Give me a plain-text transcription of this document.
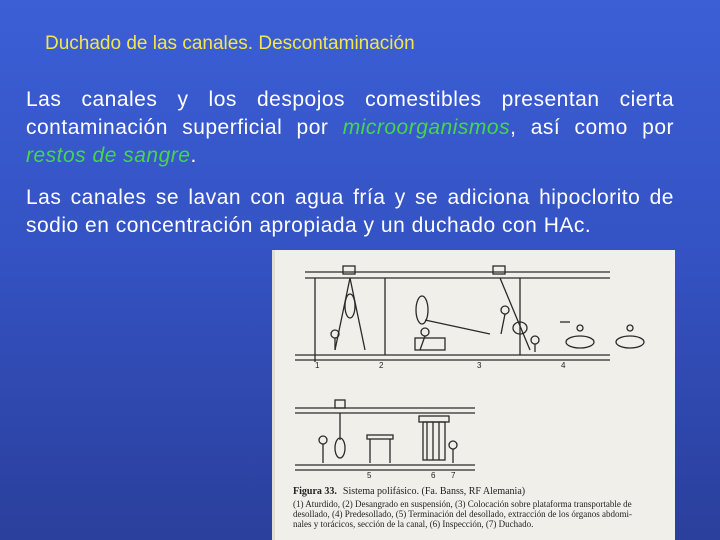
Duchado de las canales. Descontaminación
Las canales y los despojos comestibles presentan cierta contaminación superficial por microorganismos, así como por restos de sangre.
Las canales se lavan con agua fría y se adiciona hipoclorito de sodio en concentración apropiada y un duchado con HAc.
1	2	3	4
5	6 7
Figura 33. Sistema polifásico. (Fa. Banss, RF Alemania)
(1) Aturdido, (2) Desangrado en suspensión, (3) Colocación sobre plataforma transportable de
desollado, (4) Predesollado, (5) Terminación del desollado, extracción de los órganos abdomi-
nales y torácicos, sección de la canal, (6) Inspección, (7) Duchado.
